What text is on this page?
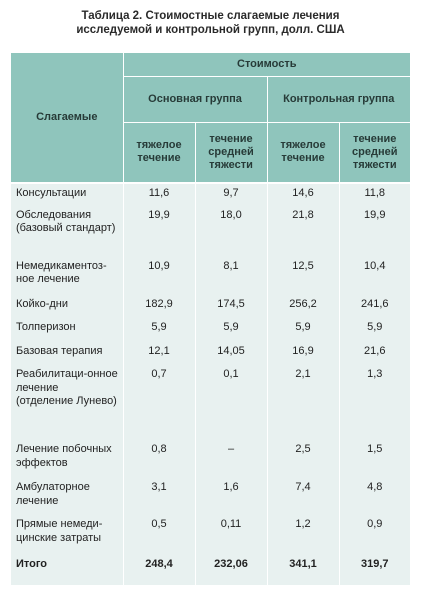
Таблица 2. Стоимостные слагаемые лечения
исследуемой и контрольной групп, долл. США
Слагаемые	Стоимость			
	Основная группа		Контрольная группа	
	тяжелое течение	течение средней тяжести	тяжелое течение	течение средней тяжести
Консультации	11,6	9,7	14,6	11,8
Обследования (базовый стандарт)	19,9	18,0	21,8	19,9
Немедикаментоз-ное лечение	10,9	8,1	12,5	10,4
Койко-дни	182,9	174,5	256,2	241,6
Толперизон	5,9	5,9	5,9	5,9
Базовая терапия	12,1	14,05	16,9	21,6
Реабилитаци-онное лечение (отделение Лунево)	0,7	0,1	2,1	1,3
Лечение побочных эффектов	0,8	–	2,5	1,5
Амбулаторное лечение	3,1	1,6	7,4	4,8
Прямые немеди-цинские затраты	0,5	0,11	1,2	0,9
Итого	248,4	232,06	341,1	319,7
